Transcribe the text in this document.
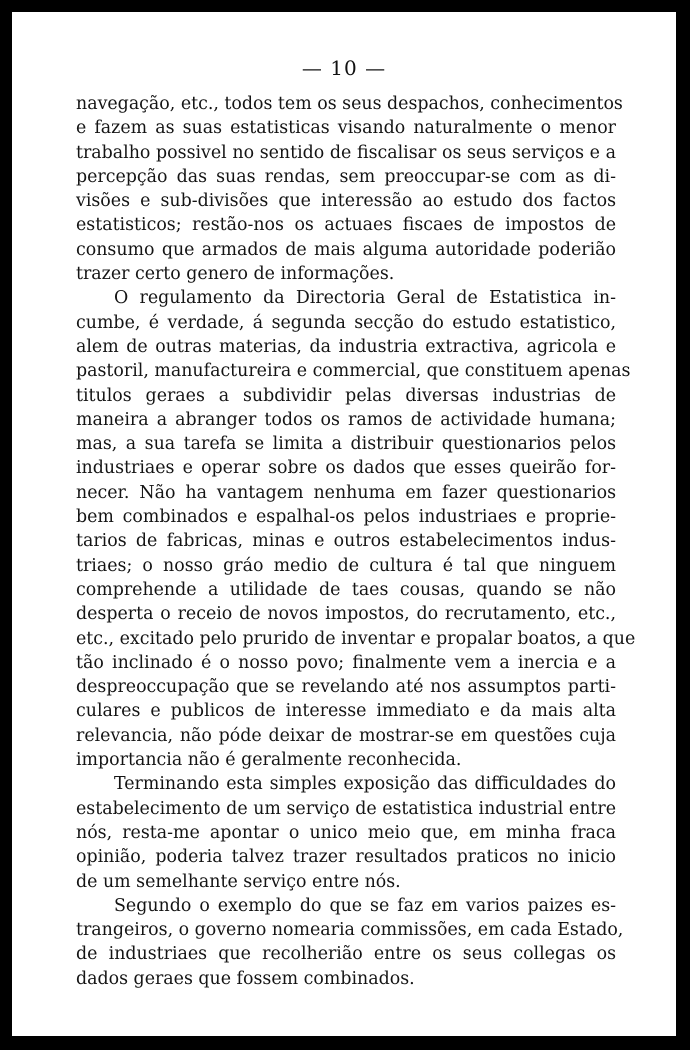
— 10 —
navegação, etc., todos tem os seus despachos, conhecimentos
e fazem as suas estatisticas visando naturalmente o menor
trabalho possivel no sentido de fiscalisar os seus serviços e a
percepção das suas rendas, sem preoccupar-se com as di-
visões e sub-divisões que interessão ao estudo dos factos
estatisticos; restão-nos os actuaes fiscaes de impostos de
consumo que armados de mais alguma autoridade poderião
trazer certo genero de informações.
O regulamento da Directoria Geral de Estatistica in-
cumbe, é verdade, á segunda secção do estudo estatistico,
alem de outras materias, da industria extractiva, agricola e
pastoril, manufactureira e commercial, que constituem apenas
titulos geraes a subdividir pelas diversas industrias de
maneira a abranger todos os ramos de actividade humana;
mas, a sua tarefa se limita a distribuir questionarios pelos
industriaes e operar sobre os dados que esses queirão for-
necer. Não ha vantagem nenhuma em fazer questionarios
bem combinados e espalhal-os pelos industriaes e proprie-
tarios de fabricas, minas e outros estabelecimentos indus-
triaes; o nosso gráo medio de cultura é tal que ninguem
comprehende a utilidade de taes cousas, quando se não
desperta o receio de novos impostos, do recrutamento, etc.,
etc., excitado pelo prurido de inventar e propalar boatos, a que
tão inclinado é o nosso povo; finalmente vem a inercia e a
despreoccupação que se revelando até nos assumptos parti-
culares e publicos de interesse immediato e da mais alta
relevancia, não póde deixar de mostrar-se em questões cuja
importancia não é geralmente reconhecida.
Terminando esta simples exposição das difficuldades do
estabelecimento de um serviço de estatistica industrial entre
nós, resta-me apontar o unico meio que, em minha fraca
opinião, poderia talvez trazer resultados praticos no inicio
de um semelhante serviço entre nós.
Segundo o exemplo do que se faz em varios paizes es-
trangeiros, o governo nomearia commissões, em cada Estado,
de industriaes que recolherião entre os seus collegas os
dados geraes que fossem combinados.
